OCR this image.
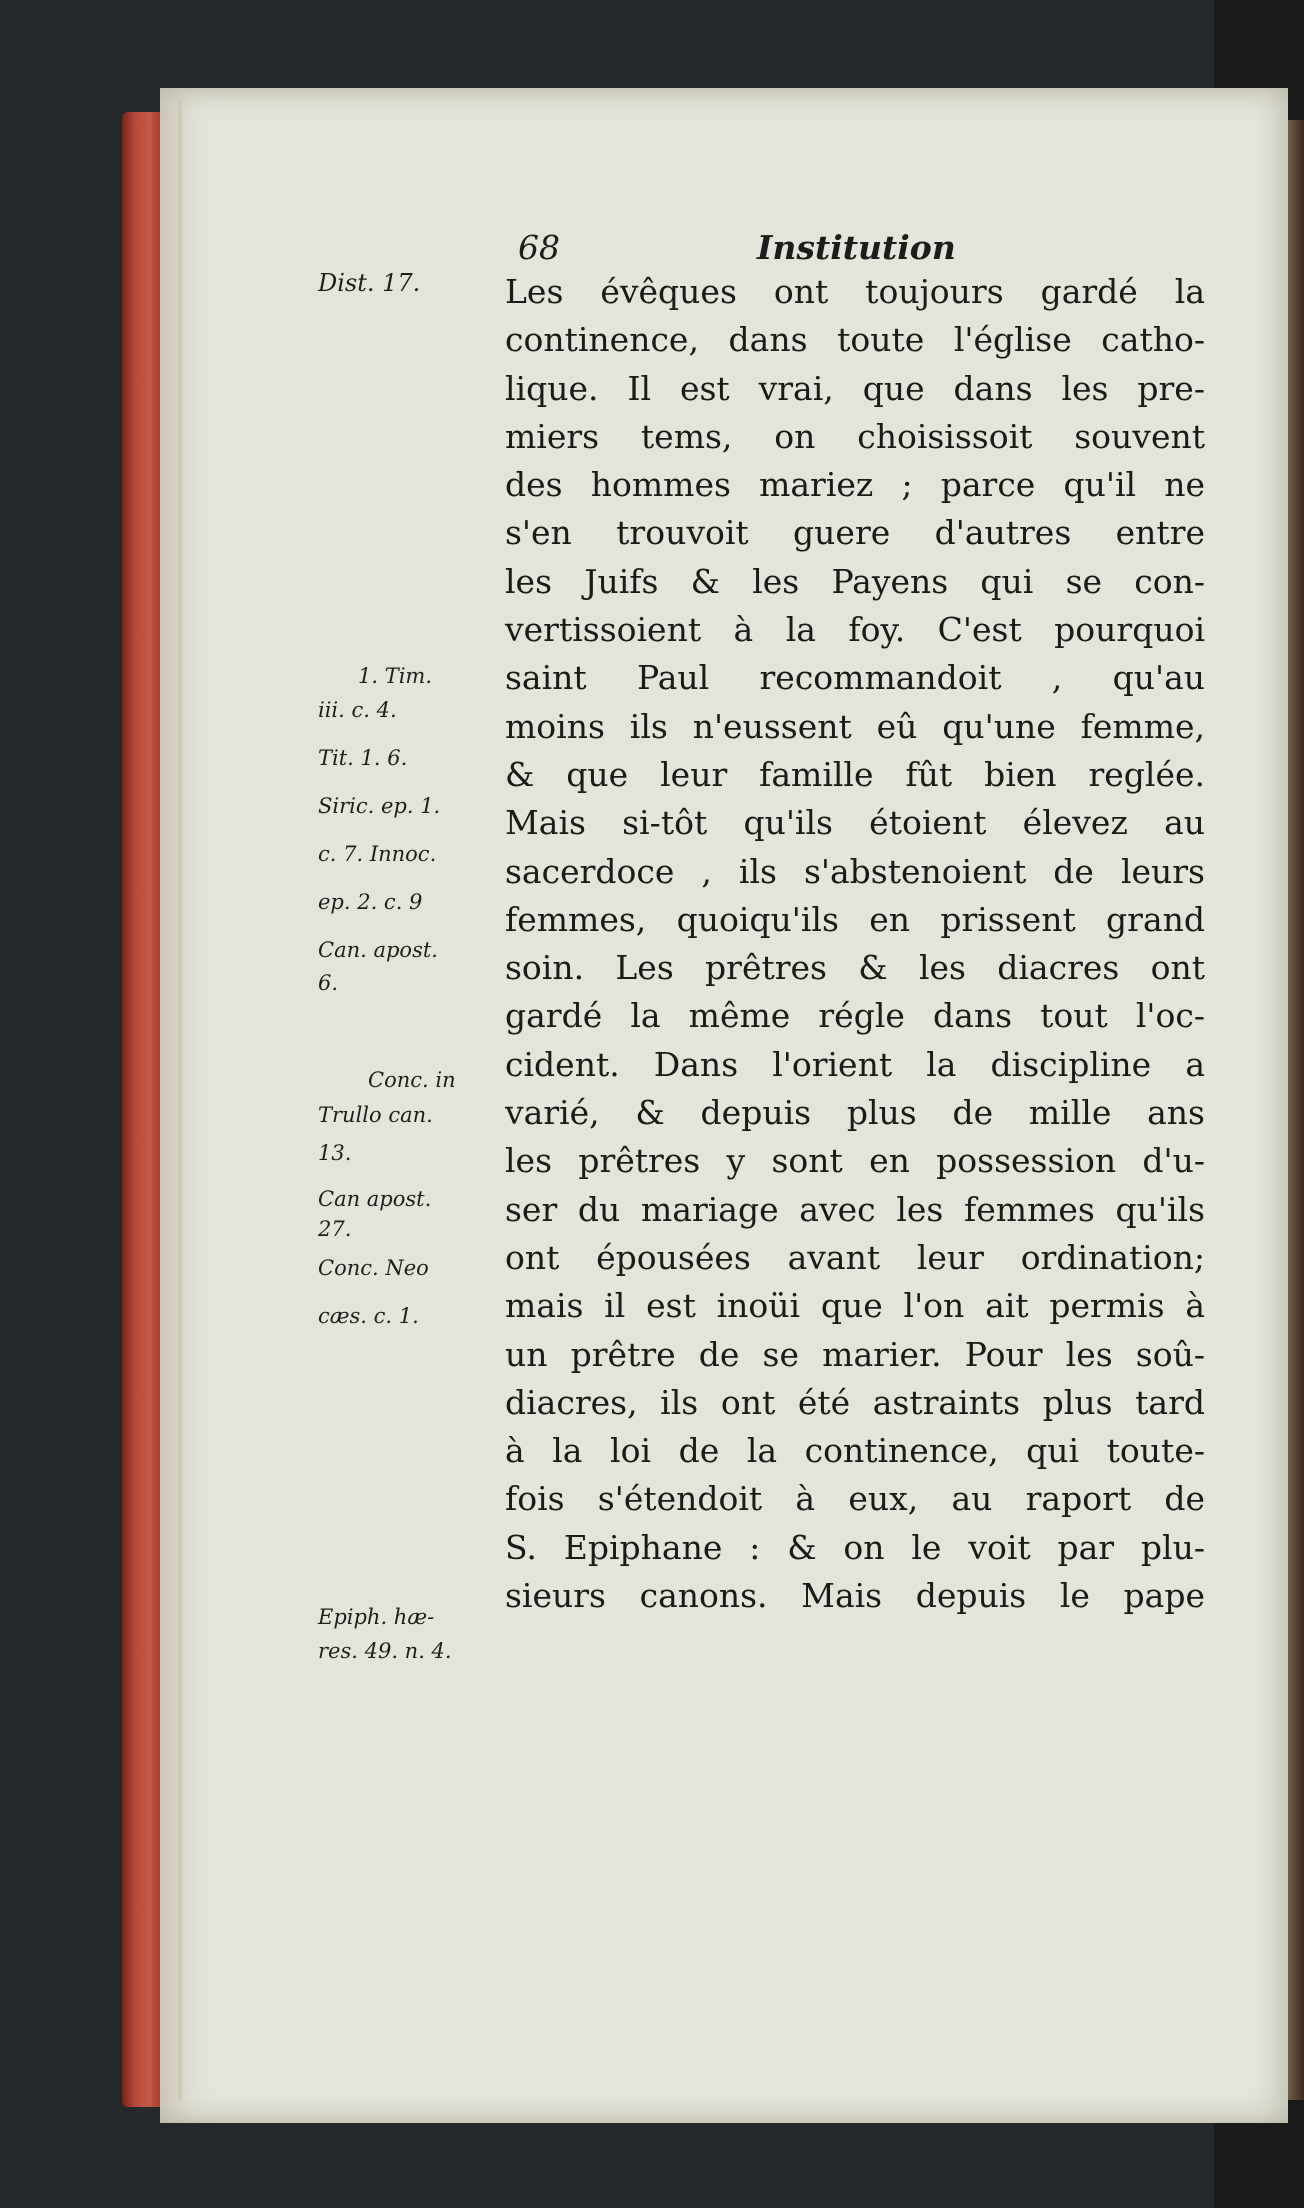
68	Institution
Dist. 17.
1. Tim.
iii. c. 4.
Tit. 1. 6.
Siric. ep. 1.
c. 7. Innoc.
ep. 2. c. 9
Can. apost.
6.
Conc. in
Trullo can.
13.
Can apost.
27.
Conc. Neo
cæs. c. 1.
Epiph. hæ-
res. 49. n. 4.
Les évêques ont toujours gardé la
continence, dans toute l'église catho-
lique. Il est vrai, que dans les pre-
miers tems, on choisissoit souvent
des hommes mariez ; parce qu'il ne
s'en trouvoit guere d'autres entre
les Juifs & les Payens qui se con-
vertissoient à la foy. C'est pourquoi
saint Paul recommandoit , qu'au
moins ils n'eussent eû qu'une femme,
& que leur famille fût bien reglée.
Mais si-tôt qu'ils étoient élevez au
sacerdoce , ils s'abstenoient de leurs
femmes, quoiqu'ils en prissent grand
soin. Les prêtres & les diacres ont
gardé la même régle dans tout l'oc-
cident. Dans l'orient la discipline a
varié, & depuis plus de mille ans
les prêtres y sont en possession d'u-
ser du mariage avec les femmes qu'ils
ont épousées avant leur ordination;
mais il est inoüi que l'on ait permis à
un prêtre de se marier. Pour les soû-
diacres, ils ont été astraints plus tard
à la loi de la continence, qui toute-
fois s'étendoit à eux, au raport de
S. Epiphane : & on le voit par plu-
sieurs canons. Mais depuis le pape
